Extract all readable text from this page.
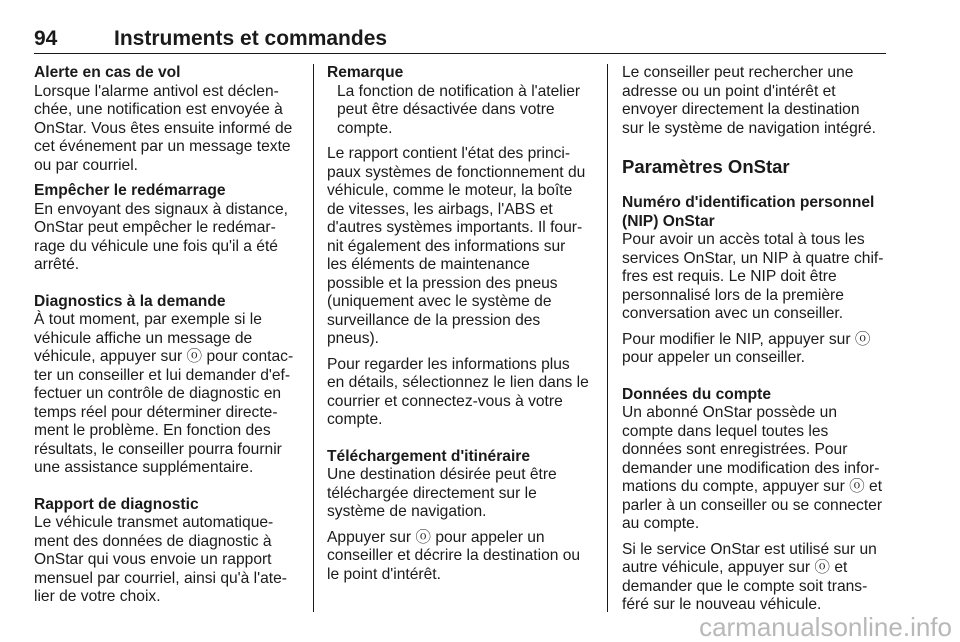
94	Instruments et commandes

Alerte en cas de vol

Lorsque l'alarme antivol est déclen-
chée, une notification est envoyée à
OnStar. Vous êtes ensuite informé de
cet événement par un message texte
ou par courriel.

Empêcher le redémarrage

En envoyant des signaux à distance,
OnStar peut empêcher le redémar-
rage du véhicule une fois qu'il a été
arrêté.

Diagnostics à la demande

À tout moment, par exemple si le
véhicule affiche un message de
véhicule, appuyer sur ⓞ pour contac-
ter un conseiller et lui demander d'ef-
fectuer un contrôle de diagnostic en
temps réel pour déterminer directe-
ment le problème. En fonction des
résultats, le conseiller pourra fournir
une assistance supplémentaire.

Rapport de diagnostic

Le véhicule transmet automatique-
ment des données de diagnostic à
OnStar qui vous envoie un rapport
mensuel par courriel, ainsi qu'à l'ate-
lier de votre choix.
Remarque
La fonction de notification à l'atelier
peut être désactivée dans votre
compte.
Le rapport contient l'état des princi-
paux systèmes de fonctionnement du
véhicule, comme le moteur, la boîte
de vitesses, les airbags, l'ABS et
d'autres systèmes importants. Il four-
nit également des informations sur
les éléments de maintenance
possible et la pression des pneus
(uniquement avec le système de
surveillance de la pression des
pneus).
Pour regarder les informations plus
en détails, sélectionnez le lien dans le
courrier et connectez-vous à votre
compte.

Téléchargement d'itinéraire

Une destination désirée peut être
téléchargée directement sur le
système de navigation.
Appuyer sur ⓞ pour appeler un
conseiller et décrire la destination ou
le point d'intérêt.
Le conseiller peut rechercher une
adresse ou un point d'intérêt et
envoyer directement la destination
sur le système de navigation intégré.

Paramètres OnStar

Numéro d'identification personnel
(NIP) OnStar
Pour avoir un accès total à tous les
services OnStar, un NIP à quatre chif-
fres est requis. Le NIP doit être
personnalisé lors de la première
conversation avec un conseiller.
Pour modifier le NIP, appuyer sur ⓞ
pour appeler un conseiller.

Données du compte

Un abonné OnStar possède un
compte dans lequel toutes les
données sont enregistrées. Pour
demander une modification des infor-
mations du compte, appuyer sur ⓞ et
parler à un conseiller ou se connecter
au compte.
Si le service OnStar est utilisé sur un
autre véhicule, appuyer sur ⓞ et
demander que le compte soit trans-
féré sur le nouveau véhicule.
carmanualsonline.info
